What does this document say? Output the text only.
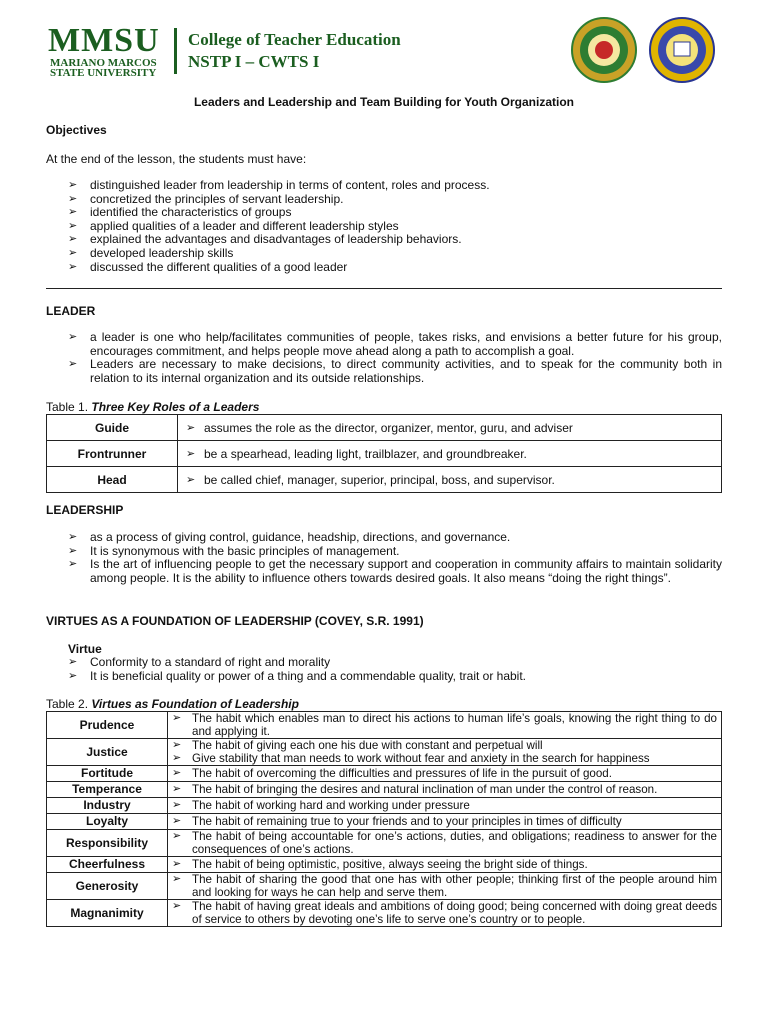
MMSU
MARIANO MARCOS
STATE UNIVERSITY
College of Teacher Education
NSTP I – CWTS I
Leaders and Leadership and Team Building for Youth Organization
Objectives
At the end of the lesson, the students must have:
➢ distinguished leader from leadership in terms of content, roles and process.
➢ concretized the principles of servant leadership.
➢ identified the characteristics of groups
➢ applied qualities of a leader and different leadership styles
➢ explained the advantages and disadvantages of leadership behaviors.
➢ developed leadership skills
➢ discussed the different qualities of a good leader
LEADER
➢ a leader is one who help/facilitates communities of people, takes risks, and envisions a better future for his group, encourages commitment, and helps people move ahead along a path to accomplish a goal.
➢ Leaders are necessary to make decisions, to direct community activities, and to speak for the community both in relation to its internal organization and its outside relationships.
Table 1. Three Key Roles of a Leaders
Guide	➢ assumes the role as the director, organizer, mentor, guru, and adviser
Frontrunner	➢ be a spearhead, leading light, trailblazer, and groundbreaker.
Head	➢ be called chief, manager, superior, principal, boss, and supervisor.
LEADERSHIP
➢ as a process of giving control, guidance, headship, directions, and governance.
➢ It is synonymous with the basic principles of management.
➢ Is the art of influencing people to get the necessary support and cooperation in community affairs to maintain solidarity among people. It is the ability to influence others towards desired goals. It also means “doing the right things”.
VIRTUES AS A FOUNDATION OF LEADERSHIP (COVEY, S.R. 1991)
Virtue
➢ Conformity to a standard of right and morality
➢ It is beneficial quality or power of a thing and a commendable quality, trait or habit.
Table 2. Virtues as Foundation of Leadership
Prudence	➢ The habit which enables man to direct his actions to human life’s goals, knowing the right thing to do and applying it.

Justice	➢ The habit of giving each one his due with constant and perpetual will
➢ Give stability that man needs to work without fear and anxiety in the search for happiness

Fortitude	➢ The habit of overcoming the difficulties and pressures of life in the pursuit of good.

Temperance	➢ The habit of bringing the desires and natural inclination of man under the control of reason.

Industry	➢ The habit of working hard and working under pressure

Loyalty	➢ The habit of remaining true to your friends and to your principles in times of difficulty

Responsibility	➢ The habit of being accountable for one’s actions, duties, and obligations; readiness to answer for the consequences of one’s actions.

Cheerfulness	➢ The habit of being optimistic, positive, always seeing the bright side of things.

Generosity	➢ The habit of sharing the good that one has with other people; thinking first of the people around him and looking for ways he can help and serve them.

Magnanimity	➢ The habit of having great ideals and ambitions of doing good; being concerned with doing great deeds of service to others by devoting one’s life to serve one’s country or to people.
